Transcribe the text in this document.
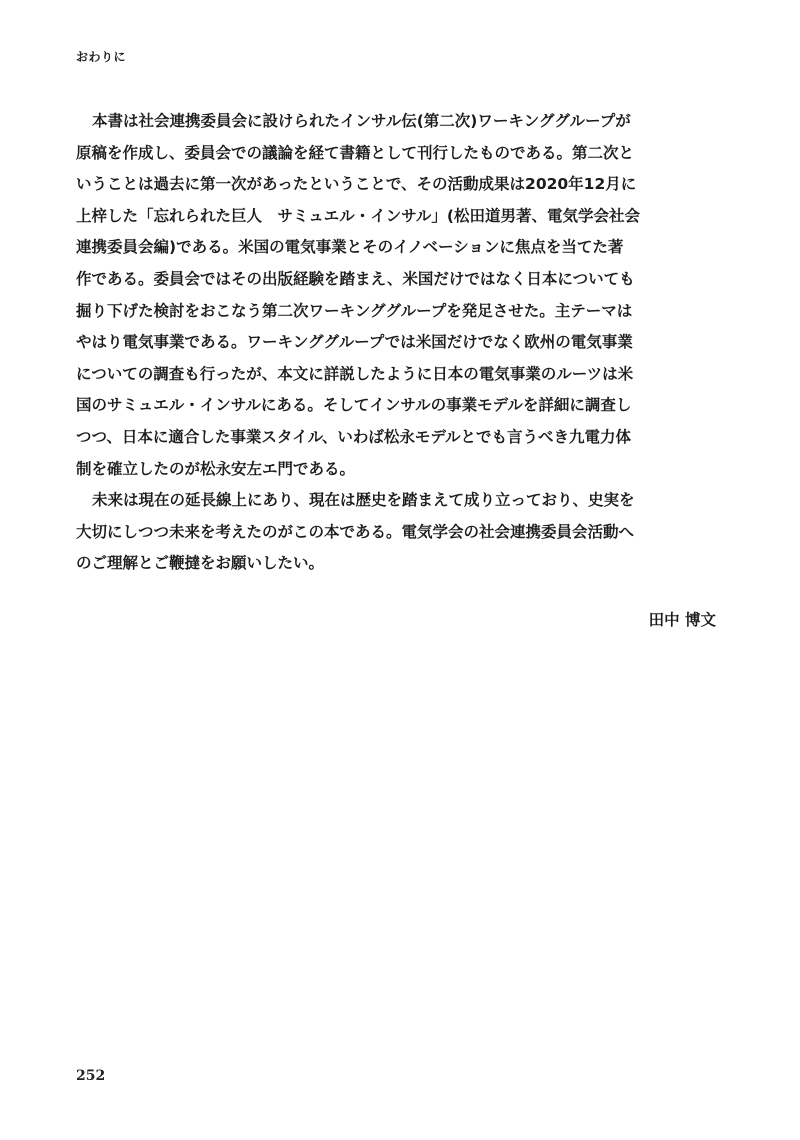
おわりに
本書は社会連携委員会に設けられたインサル伝(第二次)ワーキンググループが
原稿を作成し、委員会での議論を経て書籍として刊行したものである。第二次と
いうことは過去に第一次があったということで、その活動成果は2020年12月に
上梓した「忘れられた巨人　サミュエル・インサル」(松田道男著、電気学会社会
連携委員会編)である。米国の電気事業とそのイノベーションに焦点を当てた著
作である。委員会ではその出版経験を踏まえ、米国だけではなく日本についても
掘り下げた検討をおこなう第二次ワーキンググループを発足させた。主テーマは
やはり電気事業である。ワーキンググループでは米国だけでなく欧州の電気事業
についての調査も行ったが、本文に詳説したように日本の電気事業のルーツは米
国のサミュエル・インサルにある。そしてインサルの事業モデルを詳細に調査し
つつ、日本に適合した事業スタイル、いわば松永モデルとでも言うべき九電力体
制を確立したのが松永安左エ門である。
未来は現在の延長線上にあり、現在は歴史を踏まえて成り立っており、史実を
大切にしつつ未来を考えたのがこの本である。電気学会の社会連携委員会活動へ
のご理解とご鞭撻をお願いしたい。
田中 博文
252
